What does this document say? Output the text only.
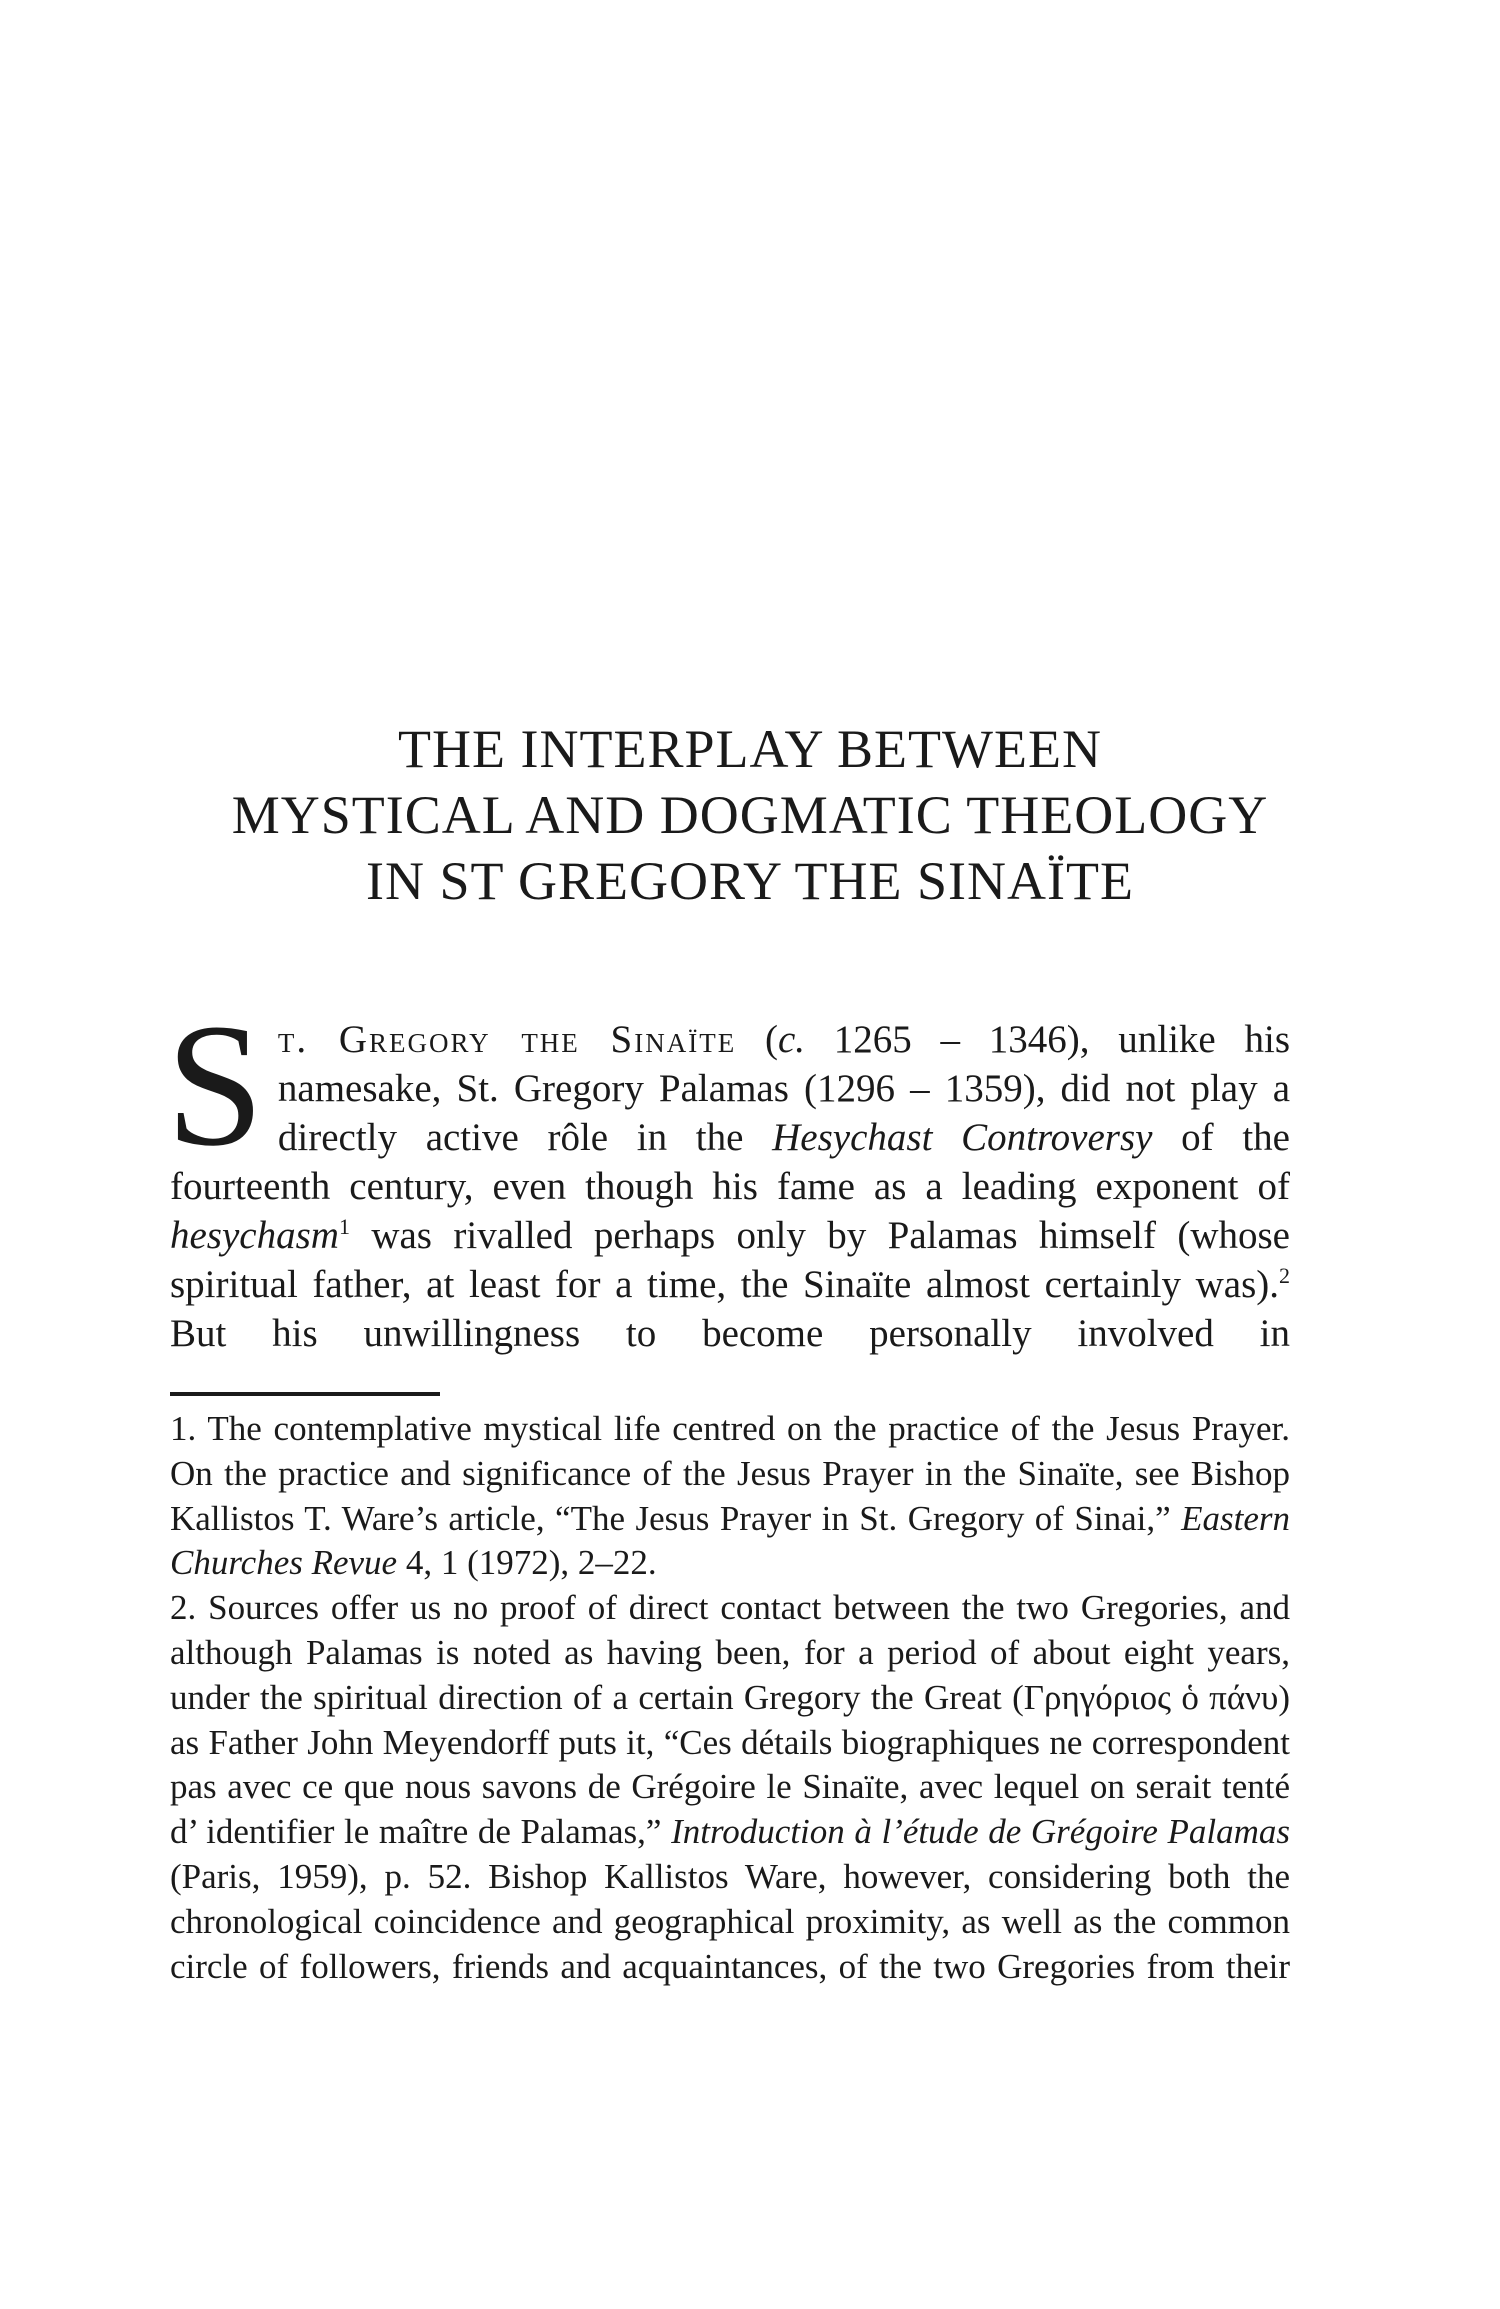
THE INTERPLAY BETWEEN
MYSTICAL AND DOGMATIC THEOLOGY
IN ST GREGORY THE SINAÏTE

St. Gregory the Sinaïte (c. 1265 – 1346), unlike his namesake, St. Gregory Palamas (1296 – 1359), did not play a directly active rôle in the Hesychast Controversy of the fourteenth century, even though his fame as a leading exponent of hesychasm$^1$ was rivalled perhaps only by Palamas himself (whose spiritual father, at least for a time, the Sinaïte almost certainly was).$^2$ But his unwillingness to become personally involved in

1. The contemplative mystical life centred on the practice of the Jesus Prayer. On the practice and significance of the Jesus Prayer in the Sinaïte, see Bishop Kallistos T. Ware’s article, “The Jesus Prayer in St. Gregory of Sinai,” Eastern Churches Revue 4, 1 (1972), 2–22.

2. Sources offer us no proof of direct contact between the two Gregories, and although Palamas is noted as having been, for a period of about eight years, under the spiritual direction of a certain Gregory the Great (Γρηγόριος ὁ πάνυ) as Father John Meyendorff puts it, “Ces détails biographiques ne correspondent pas avec ce que nous savons de Grégoire le Sinaïte, avec lequel on serait tenté d’ identifier le maître de Palamas,” Introduction à l’étude de Grégoire Palamas (Paris, 1959), p. 52. Bishop Kallistos Ware, however, considering both the chronological coincidence and geographical proximity, as well as the common circle of followers, friends and acquaintances, of the two Gregories from their
